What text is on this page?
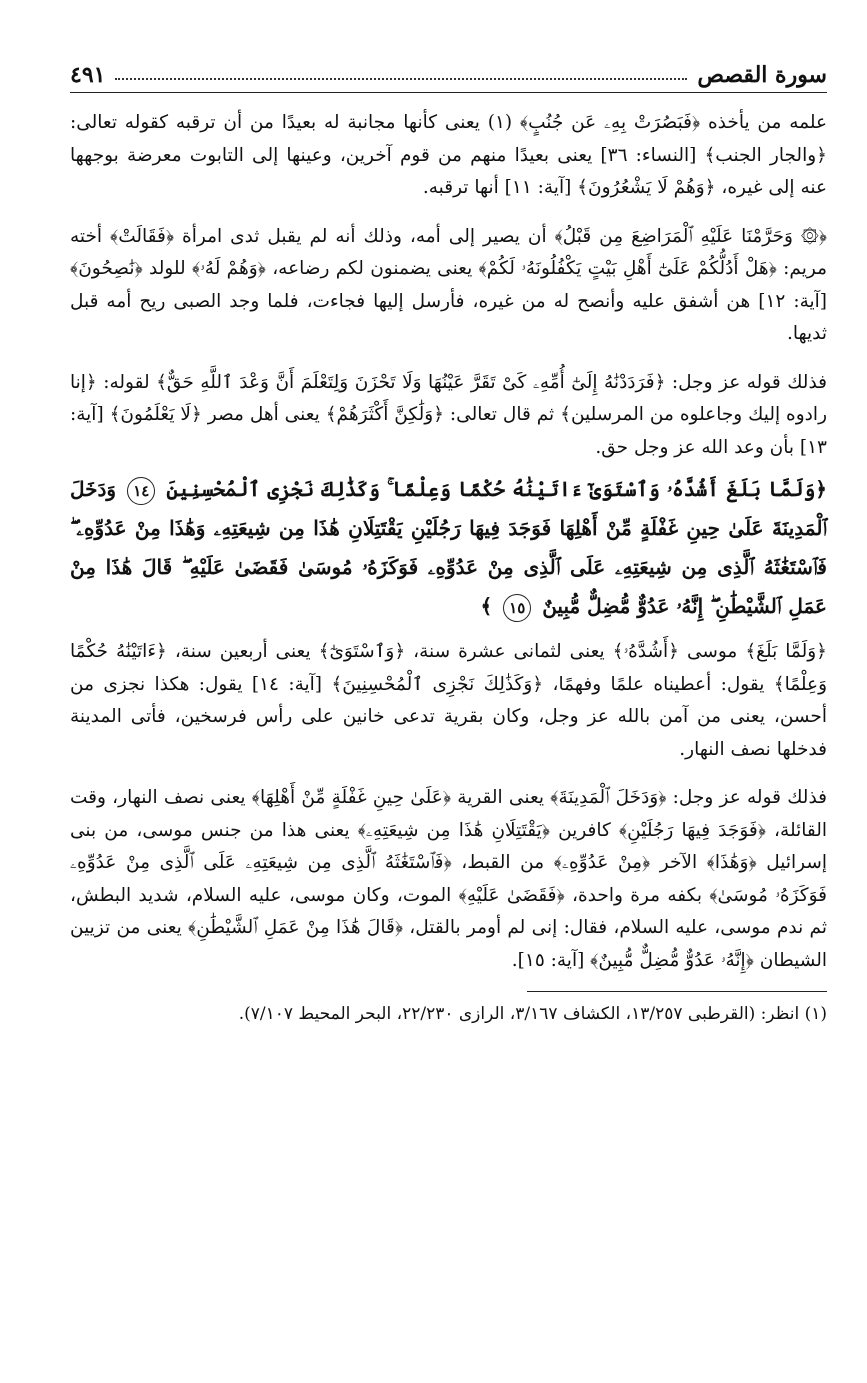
سورة القصص
٤٩١

علمه من يأخذه ﴿فَبَصُرَتْ بِهِۦ عَن جُنُبٍ﴾ (١) يعنى كأنها مجانبة له بعيدًا من أن ترقبه كقوله تعالى: ﴿والجار الجنب﴾ [النساء: ٣٦] يعنى بعيدًا منهم من قوم آخرين، وعينها إلى التابوت معرضة بوجهها عنه إلى غيره، ﴿وَهُمْ لَا يَشْعُرُونَ﴾ [آية: ١١] أنها ترقبه.

﴿۞ وَحَرَّمْنَا عَلَيْهِ ٱلْمَرَاضِعَ مِن قَبْلُ﴾ أن يصير إلى أمه، وذلك أنه لم يقبل ثدى امرأة ﴿فَقَالَتْ﴾ أخته مريم: ﴿هَلْ أَدُلُّكُمْ عَلَىٰٓ أَهْلِ بَيْتٍ يَكْفُلُونَهُۥ لَكُمْ﴾ يعنى يضمنون لكم رضاعه، ﴿وَهُمْ لَهُۥ﴾ للولد ﴿نَٰصِحُونَ﴾ [آية: ١٢] هن أشفق عليه وأنصح له من غيره، فأرسل إليها فجاءت، فلما وجد الصبى ريح أمه قبل ثديها.

فذلك قوله عز وجل: ﴿فَرَدَدْنَٰهُ إِلَىٰٓ أُمِّهِۦ كَىْ تَقَرَّ عَيْنُهَا وَلَا تَحْزَنَ وَلِتَعْلَمَ أَنَّ وَعْدَ ٱللَّهِ حَقٌّ﴾ لقوله: ﴿إنا رادوه إليك وجاعلوه من المرسلين﴾ ثم قال تعالى: ﴿وَلَٰكِنَّ أَكْثَرَهُمْ﴾ يعنى أهل مصر ﴿لَا يَعْلَمُونَ﴾ [آية: ١٣] بأن وعد الله عز وجل حق.

﴿وَلَمَّا بَلَغَ أَشُدَّهُۥ وَٱسْتَوَىٰٓ ءَاتَيْنَٰهُ حُكْمًا وَعِلْمًا ۚ وَكَذَٰلِكَ نَجْزِى ٱلْمُحْسِنِينَ ١٤ وَدَخَلَ ٱلْمَدِينَةَ عَلَىٰ حِينِ غَفْلَةٍ مِّنْ أَهْلِهَا فَوَجَدَ فِيهَا رَجُلَيْنِ يَقْتَتِلَانِ هَٰذَا مِن شِيعَتِهِۦ وَهَٰذَا مِنْ عَدُوِّهِۦ ۖ فَٱسْتَغَٰثَهُ ٱلَّذِى مِن شِيعَتِهِۦ عَلَى ٱلَّذِى مِنْ عَدُوِّهِۦ فَوَكَزَهُۥ مُوسَىٰ فَقَضَىٰ عَلَيْهِ ۖ قَالَ هَٰذَا مِنْ عَمَلِ ٱلشَّيْطَٰنِ ۖ إِنَّهُۥ عَدُوٌّ مُّضِلٌّ مُّبِينٌ ١٥ ﴾

﴿وَلَمَّا بَلَغَ﴾ موسى ﴿أَشُدَّهُۥ﴾ يعنى لثمانى عشرة سنة، ﴿وَٱسْتَوَىٰٓ﴾ يعنى أربعين سنة، ﴿ءَاتَيْنَٰهُ حُكْمًا وَعِلْمًا﴾ يقول: أعطيناه علمًا وفهمًا، ﴿وَكَذَٰلِكَ نَجْزِى ٱلْمُحْسِنِينَ﴾ [آية: ١٤] يقول: هكذا نجزى من أحسن، يعنى من آمن بالله عز وجل، وكان بقرية تدعى خانين على رأس فرسخين، فأتى المدينة فدخلها نصف النهار.

فذلك قوله عز وجل: ﴿وَدَخَلَ ٱلْمَدِينَةَ﴾ يعنى القرية ﴿عَلَىٰ حِينِ غَفْلَةٍ مِّنْ أَهْلِهَا﴾ يعنى نصف النهار، وقت القائلة، ﴿فَوَجَدَ فِيهَا رَجُلَيْنِ﴾ كافرين ﴿يَقْتَتِلَانِ هَٰذَا مِن شِيعَتِهِۦ﴾ يعنى هذا من جنس موسى، من بنى إسرائيل ﴿وَهَٰذَا﴾ الآخر ﴿مِنْ عَدُوِّهِۦ﴾ من القبط، ﴿فَٱسْتَغَٰثَهُ ٱلَّذِى مِن شِيعَتِهِۦ عَلَى ٱلَّذِى مِنْ عَدُوِّهِۦ فَوَكَزَهُۥ مُوسَىٰ﴾ بكفه مرة واحدة، ﴿فَقَضَىٰ عَلَيْهِ﴾ الموت، وكان موسى، عليه السلام، شديد البطش، ثم ندم موسى، عليه السلام، فقال: إنى لم أومر بالقتل، ﴿قَالَ هَٰذَا مِنْ عَمَلِ ٱلشَّيْطَٰنِ﴾ يعنى من تزيين الشيطان ﴿إِنَّهُۥ عَدُوٌّ مُّضِلٌّ مُّبِينٌ﴾ [آية: ١٥].

(١) انظر: (القرطبى ١٣/٢٥٧، الكشاف ٣/١٦٧، الرازى ٢٢/٢٣٠، البحر المحيط ٧/١٠٧).
